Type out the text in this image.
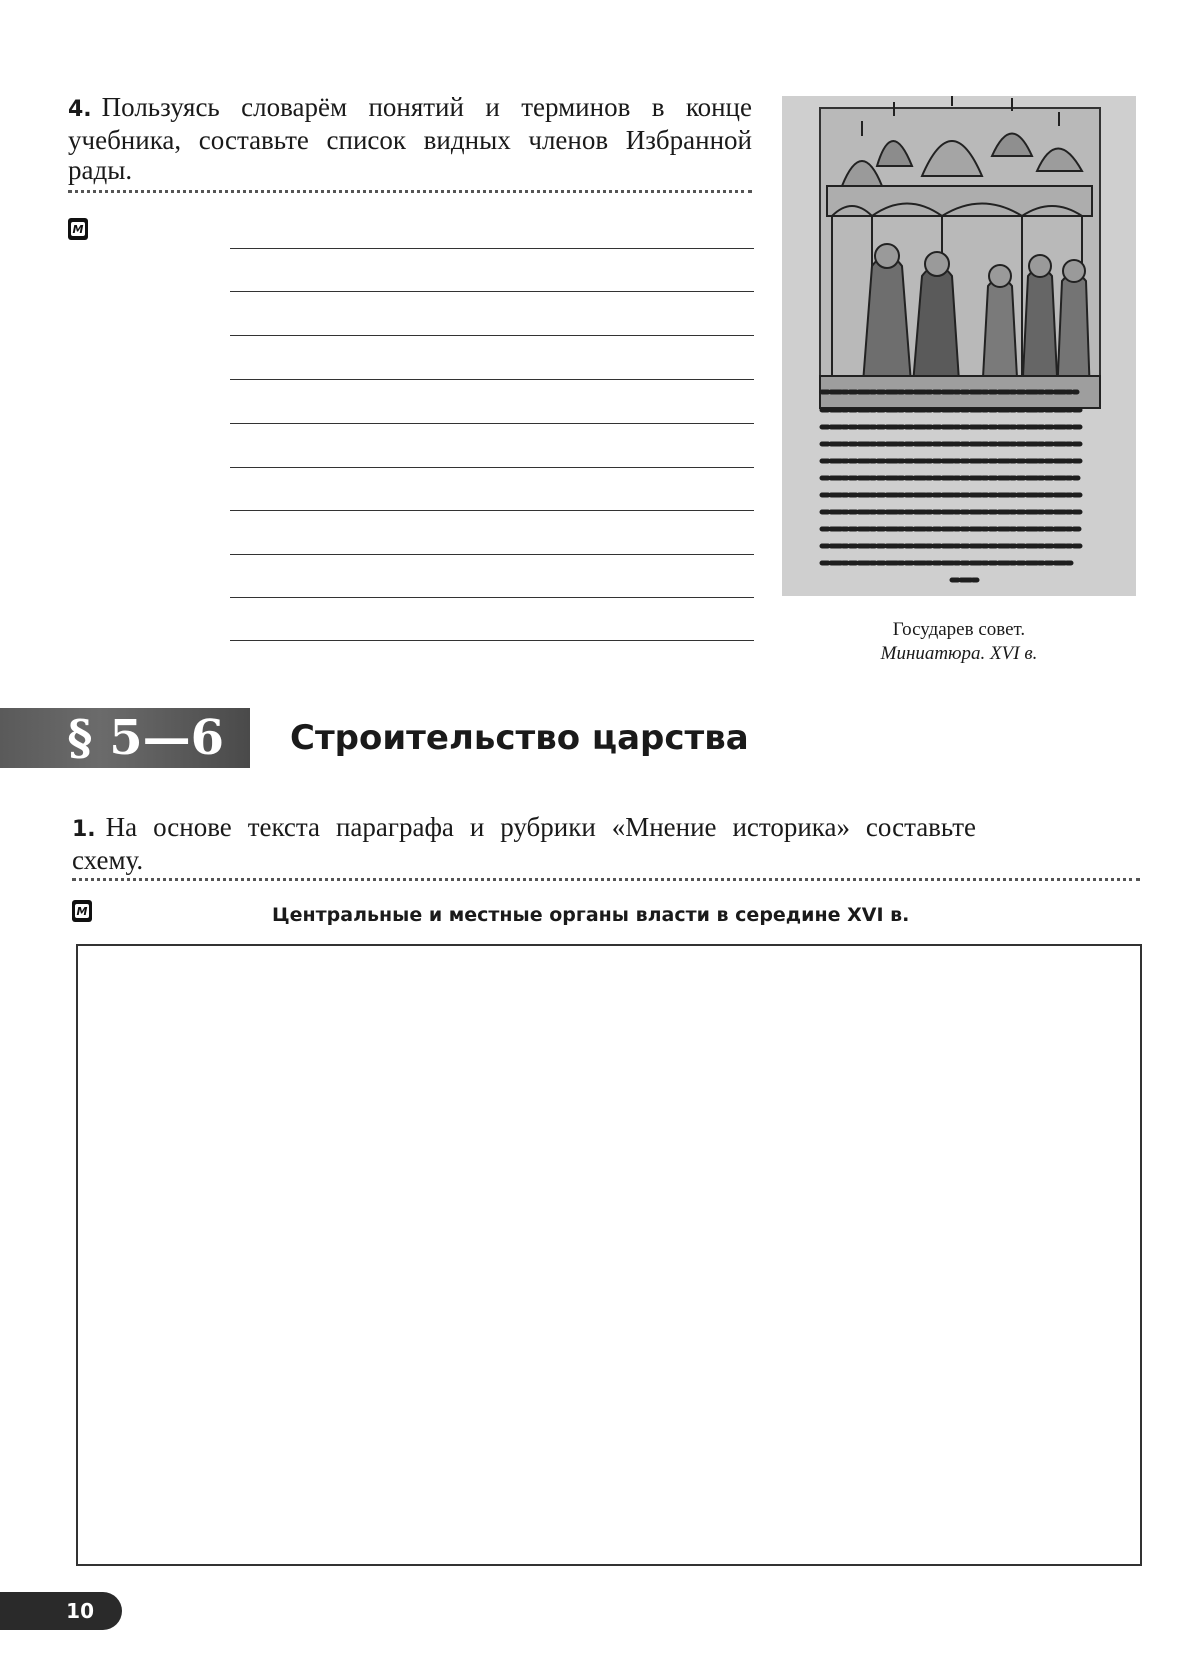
4. Пользуясь словарём понятий и терминов в конце учебника, составьте список видных членов Избранной рады.
М
Государев совет.
Миниатюра. XVI в.
§ 5—6 Строительство царства
1. На основе текста параграфа и рубрики «Мнение историка» составьте схему.
М	Центральные и местные органы власти в середине XVI в.
10
